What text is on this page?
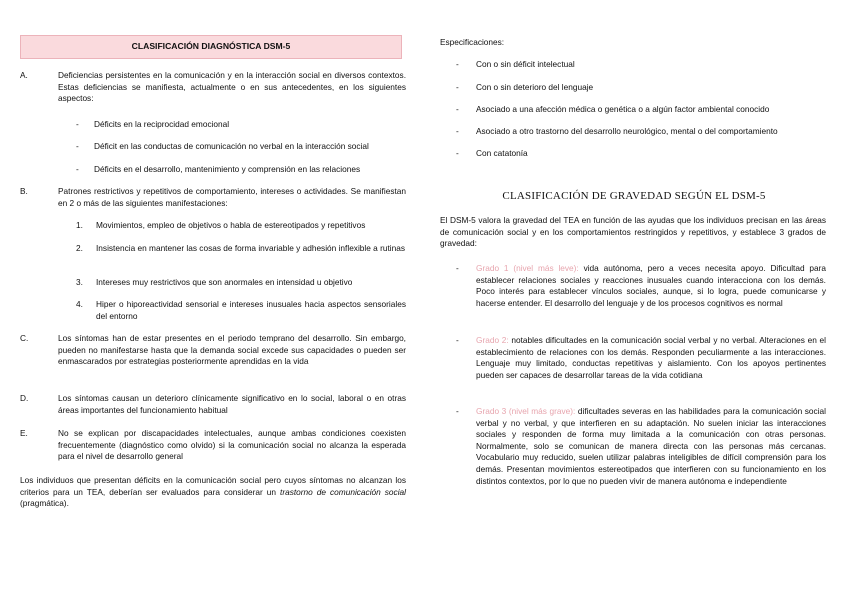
CLASIFICACIÓN DIAGNÓSTICA DSM-5
A.	Deficiencias persistentes en la comunicación y en la interacción social en diversos contextos. Estas deficiencias se manifiesta, actualmente o en sus antecedentes, en los siguientes aspectos:
-	Déficits en la reciprocidad emocional
-	Déficit en las conductas de comunicación no verbal en la interacción social
-	Déficits en el desarrollo, mantenimiento y comprensión en las relaciones
B.	Patrones restrictivos y repetitivos de comportamiento, intereses o actividades. Se manifiestan en 2 o más de las siguientes manifestaciones:
1.	Movimientos, empleo de objetivos o habla de estereotipados y repetitivos
2.	Insistencia en mantener las cosas de forma invariable y adhesión inflexible a rutinas
3.	Intereses muy restrictivos que son anormales en intensidad u objetivo
4.	Hiper o hiporeactividad sensorial e intereses inusuales hacia aspectos sensoriales del entorno
C.	Los síntomas han de estar presentes en el periodo temprano del desarrollo. Sin embargo, pueden no manifestarse hasta que la demanda social excede sus capacidades o pueden ser enmascarados por estrategias posteriormente aprendidas en la vida
D.	Los síntomas causan un deterioro clínicamente significativo en lo social, laboral o en otras áreas importantes del funcionamiento habitual
E.	No se explican por discapacidades intelectuales, aunque ambas condiciones coexisten frecuentemente (diagnóstico como olvido) si la comunicación social no alcanza la esperada para el nivel de desarrollo general
Los individuos que presentan déficits en la comunicación social pero cuyos síntomas no alcanzan los criterios para un TEA, deberían ser evaluados para considerar un trastorno de comunicación social (pragmática).
Especificaciones:
-	Con o sin déficit intelectual
-	Con o sin deterioro del lenguaje
-	Asociado a una afección médica o genética o a algún factor ambiental conocido
-	Asociado a otro trastorno del desarrollo neurológico, mental o del comportamiento
-	Con catatonía
CLASIFICACIÓN DE GRAVEDAD SEGÚN EL DSM-5
El DSM-5 valora la gravedad del TEA en función de las ayudas que los individuos precisan en las áreas de comunicación social y en los comportamientos restringidos y repetitivos, y establece 3 grados de gravedad:
-	Grado 1 (nivel más leve): vida autónoma, pero a veces necesita apoyo. Dificultad para establecer relaciones sociales y reacciones inusuales cuando interacciona con los demás. Poco interés para establecer vínculos sociales, aunque, si lo logra, puede comunicarse y hacerse entender. El desarrollo del lenguaje y de los procesos cognitivos es normal
-	Grado 2: notables dificultades en la comunicación social verbal y no verbal. Alteraciones en el establecimiento de relaciones con los demás. Responden peculiarmente a las interacciones. Lenguaje muy limitado, conductas repetitivas y aislamiento. Con los apoyos pertinentes pueden ser capaces de desarrollar tareas de la vida cotidiana
-	Grado 3 (nivel más grave): dificultades severas en las habilidades para la comunicación social verbal y no verbal, y que interfieren en su adaptación. No suelen iniciar las interacciones sociales y responden de forma muy limitada a la comunicación con otras personas. Normalmente, solo se comunican de manera directa con las personas más cercanas. Vocabulario muy reducido, suelen utilizar palabras inteligibles de difícil comprensión para los demás. Presentan movimientos estereotipados que interfieren con su funcionamiento en los distintos contextos, por lo que no pueden vivir de manera autónoma e independiente
